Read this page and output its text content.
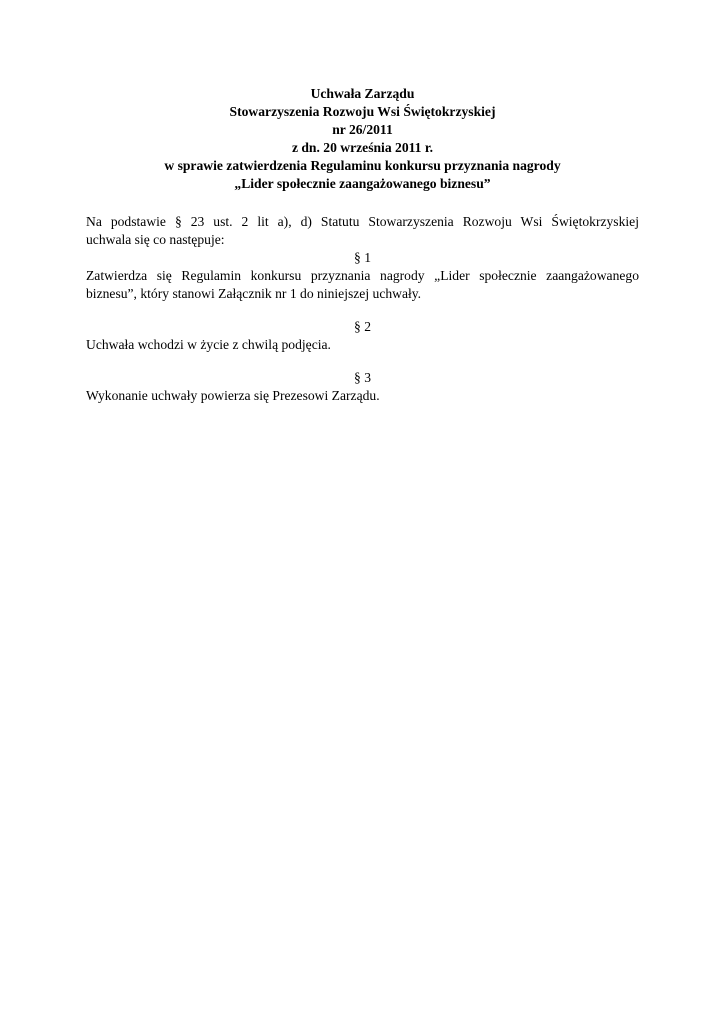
Uchwała Zarządu
Stowarzyszenia Rozwoju Wsi Świętokrzyskiej
nr 26/2011
z dn. 20 września 2011 r.
w sprawie zatwierdzenia Regulaminu konkursu przyznania nagrody
„Lider społecznie zaangażowanego biznesu”

Na podstawie § 23 ust. 2 lit a), d) Statutu Stowarzyszenia Rozwoju Wsi Świętokrzyskiej
uchwala się co następuje:

§ 1

Zatwierdza się Regulamin konkursu przyznania nagrody „Lider społecznie zaangażowanego
biznesu”, który stanowi Załącznik nr 1 do niniejszej uchwały.

§ 2

Uchwała wchodzi w życie z chwilą podjęcia.

§ 3

Wykonanie uchwały powierza się Prezesowi Zarządu.
